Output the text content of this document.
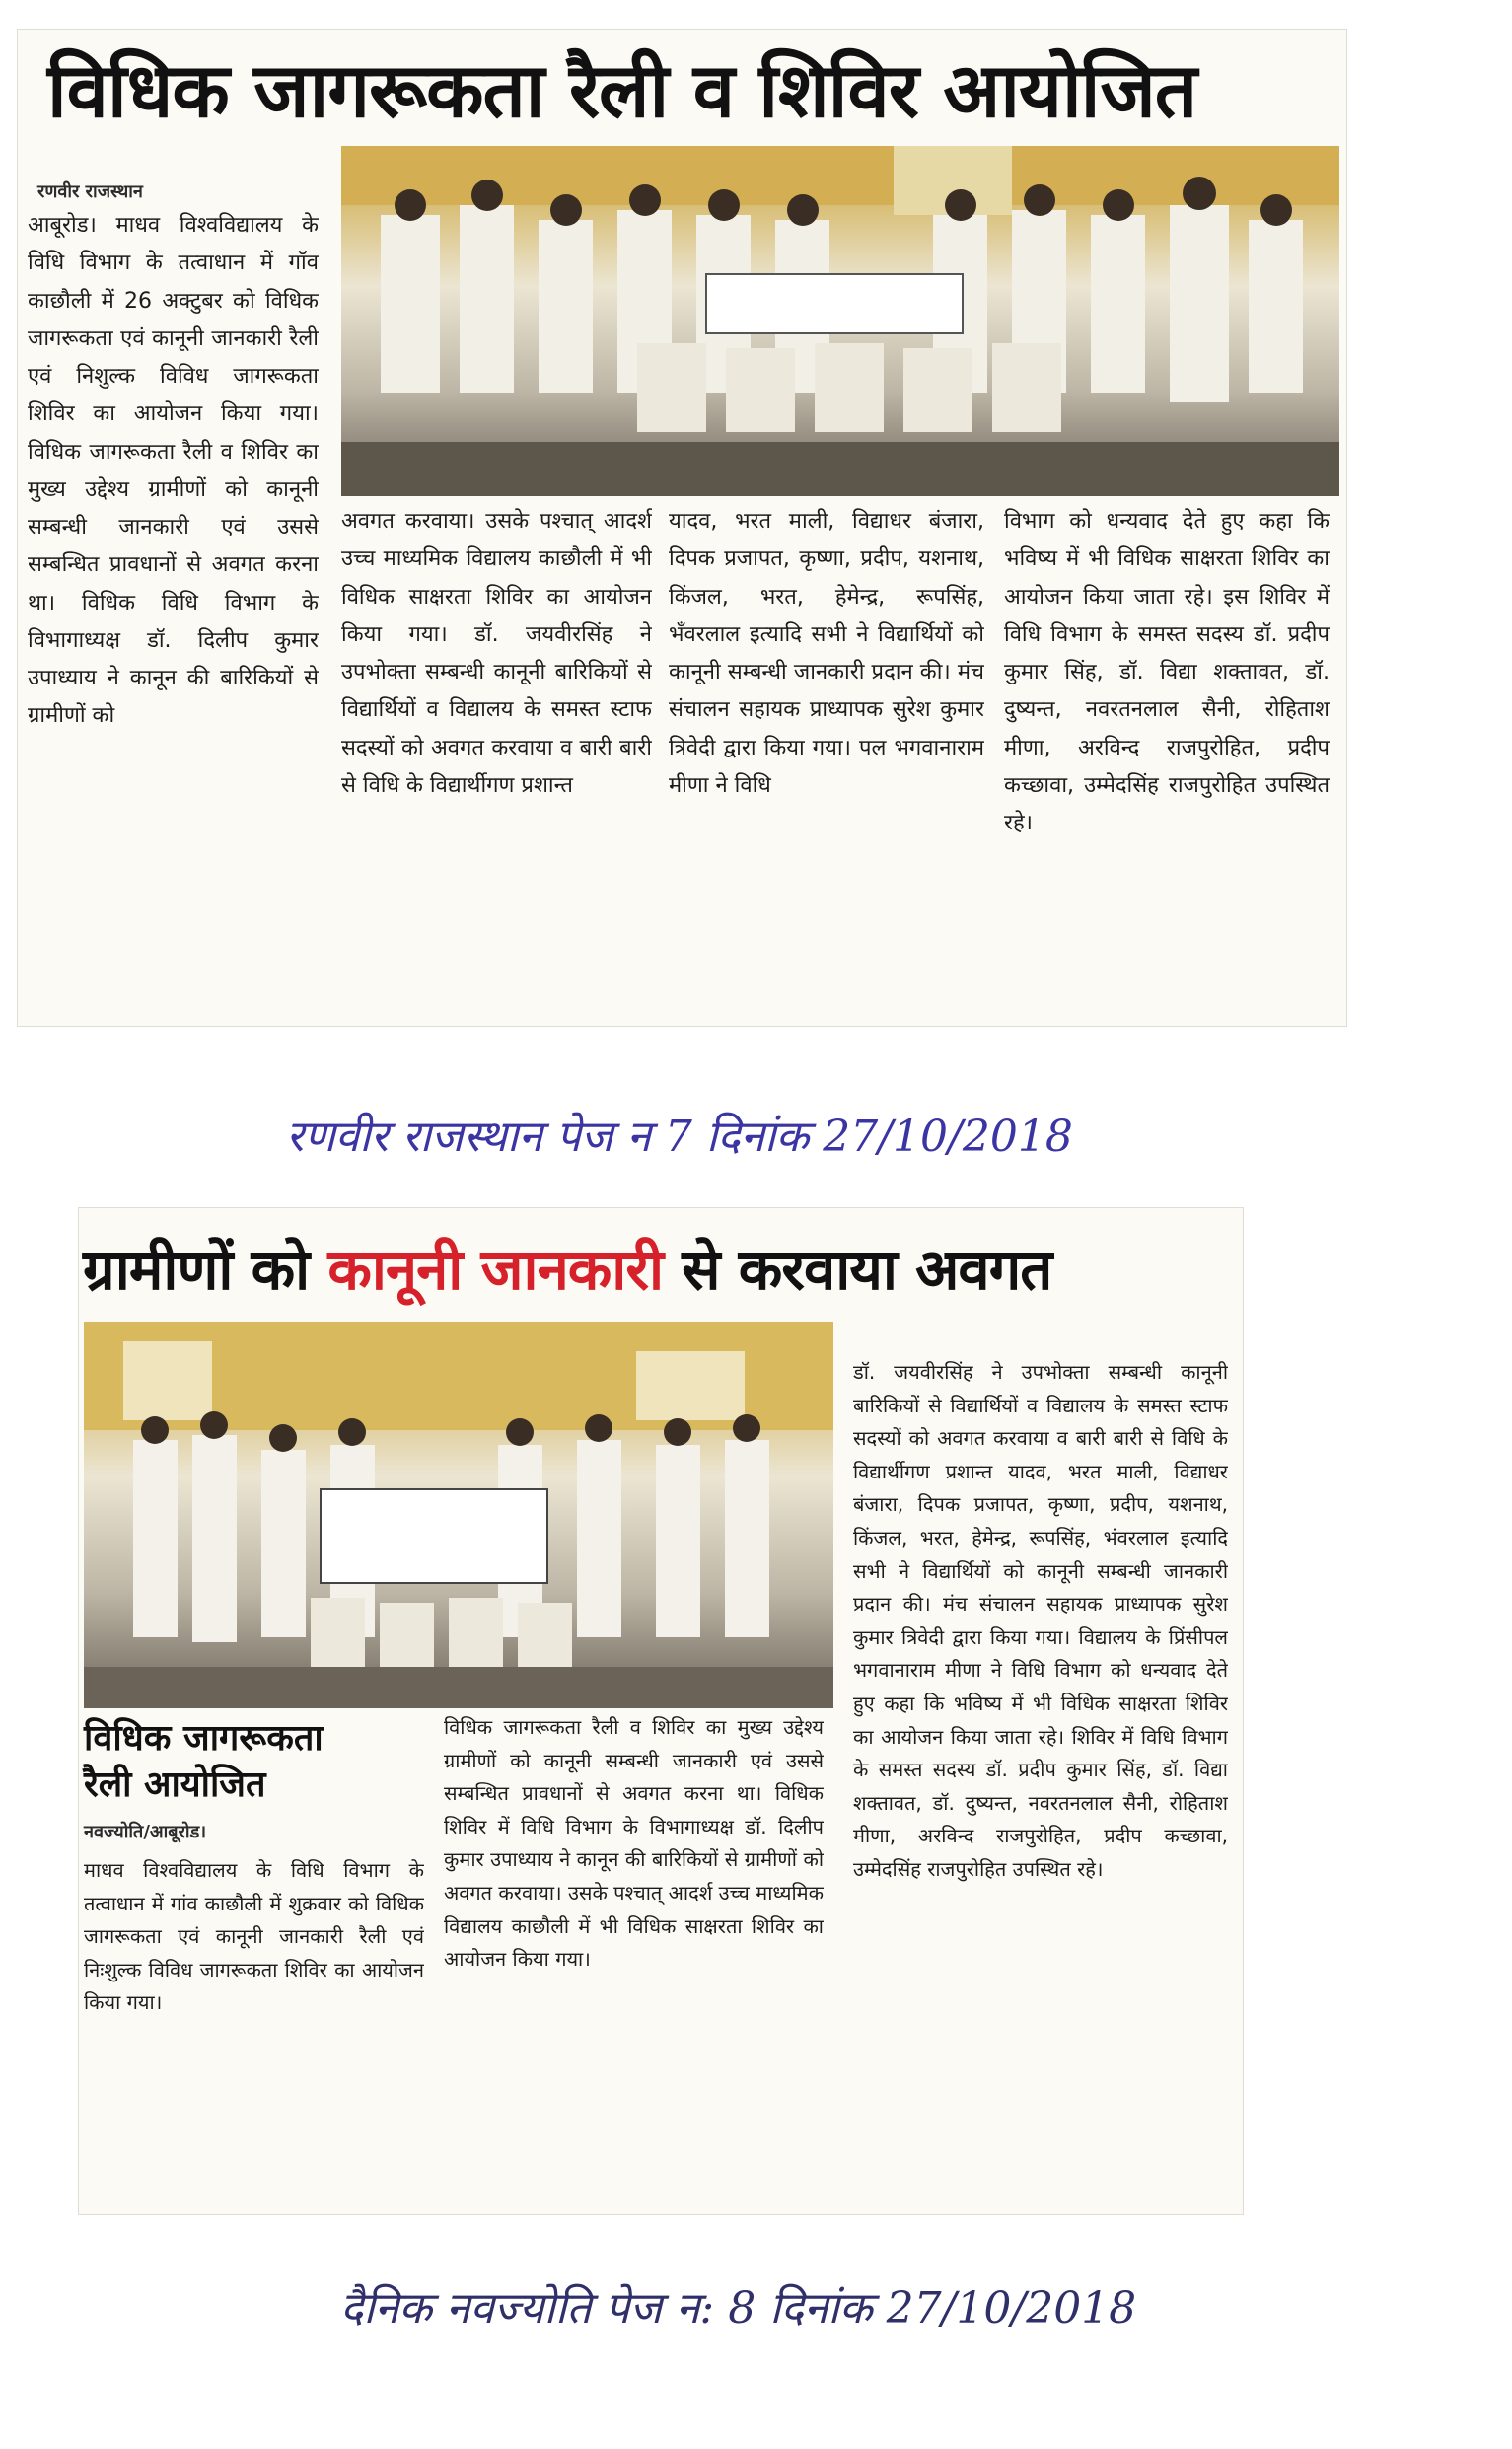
विधिक जागरूकता रैली व शिविर आयोजित
रणवीर राजस्थान
आबूरोड। माधव विश्वविद्यालय के विधि विभाग के तत्वाधान में गॉव काछौली में 26 अक्टुबर को विधिक जागरूकता एवं कानूनी जानकारी रैली एवं निशुल्क विविध जागरूकता शिविर का आयोजन किया गया। विधिक जागरूकता रैली व शिविर का मुख्य उद्देश्य ग्रामीणों को कानूनी सम्बन्धी जानकारी एवं उससे सम्बन्धित प्रावधानों से अवगत करना था। विधिक विधि विभाग के विभागाध्यक्ष डॉ. दिलीप कुमार उपाध्याय ने कानून की बारिकियों से ग्रामीणों को
अवगत करवाया। उसके पश्चात् आदर्श उच्च माध्यमिक विद्यालय काछौली में भी विधिक साक्षरता शिविर का आयोजन किया गया। डॉ. जयवीरसिंह ने उपभोक्ता सम्बन्धी कानूनी बारिकियों से विद्यार्थियों व विद्यालय के समस्त स्टाफ सदस्यों को अवगत करवाया व बारी बारी से विधि के विद्यार्थीगण प्रशान्त
यादव, भरत माली, विद्याधर बंजारा, दिपक प्रजापत, कृष्णा, प्रदीप, यशनाथ, किंजल, भरत, हेमेन्द्र, रूपसिंह, भँवरलाल इत्यादि सभी ने विद्यार्थियों को कानूनी सम्बन्धी जानकारी प्रदान की। मंच संचालन सहायक प्राध्यापक सुरेश कुमार त्रिवेदी द्वारा किया गया। पल भगवानाराम मीणा ने विधि
विभाग को धन्यवाद देते हुए कहा कि भविष्य में भी विधिक साक्षरता शिविर का आयोजन किया जाता रहे। इस शिविर में विधि विभाग के समस्त सदस्य डॉ. प्रदीप कुमार सिंह, डॉ. विद्या शक्तावत, डॉ. दुष्यन्त, नवरतनलाल सैनी, रोहिताश मीणा, अरविन्द राजपुरोहित, प्रदीप कच्छावा, उम्मेदसिंह राजपुरोहित उपस्थित रहे।
रणवीर राजस्थान पेज न 7 दिनांक 27/10/2018
ग्रामीणों को कानूनी जानकारी से करवाया अवगत
विधिक जागरूकता रैली आयोजित
नवज्योति/आबूरोड।
माधव विश्वविद्यालय के विधि विभाग के तत्वाधान में गांव काछौली में शुक्रवार को विधिक जागरूकता एवं कानूनी जानकारी रैली एवं निःशुल्क विविध जागरूकता शिविर का आयोजन किया गया।
विधिक जागरूकता रैली व शिविर का मुख्य उद्देश्य ग्रामीणों को कानूनी सम्बन्धी जानकारी एवं उससे सम्बन्धित प्रावधानों से अवगत करना था। विधिक शिविर में विधि विभाग के विभागाध्यक्ष डॉ. दिलीप कुमार उपाध्याय ने कानून की बारिकियों से ग्रामीणों को अवगत करवाया। उसके पश्चात् आदर्श उच्च माध्यमिक विद्यालय काछौली में भी विधिक साक्षरता शिविर का आयोजन किया गया।
डॉ. जयवीरसिंह ने उपभोक्ता सम्बन्धी कानूनी बारिकियों से विद्यार्थियों व विद्यालय के समस्त स्टाफ सदस्यों को अवगत करवाया व बारी बारी से विधि के विद्यार्थीगण प्रशान्त यादव, भरत माली, विद्याधर बंजारा, दिपक प्रजापत, कृष्णा, प्रदीप, यशनाथ, किंजल, भरत, हेमेन्द्र, रूपसिंह, भंवरलाल इत्यादि सभी ने विद्यार्थियों को कानूनी सम्बन्धी जानकारी प्रदान की। मंच संचालन सहायक प्राध्यापक सुरेश कुमार त्रिवेदी द्वारा किया गया। विद्यालय के प्रिंसीपल भगवानाराम मीणा ने विधि विभाग को धन्यवाद देते हुए कहा कि भविष्य में भी विधिक साक्षरता शिविर का आयोजन किया जाता रहे। शिविर में विधि विभाग के समस्त सदस्य डॉ. प्रदीप कुमार सिंह, डॉ. विद्या शक्तावत, डॉ. दुष्यन्त, नवरतनलाल सैनी, रोहिताश मीणा, अरविन्द राजपुरोहित, प्रदीप कच्छावा, उम्मेदसिंह राजपुरोहित उपस्थित रहे।
दैनिक नवज्योति पेज न: 8 दिनांक 27/10/2018
